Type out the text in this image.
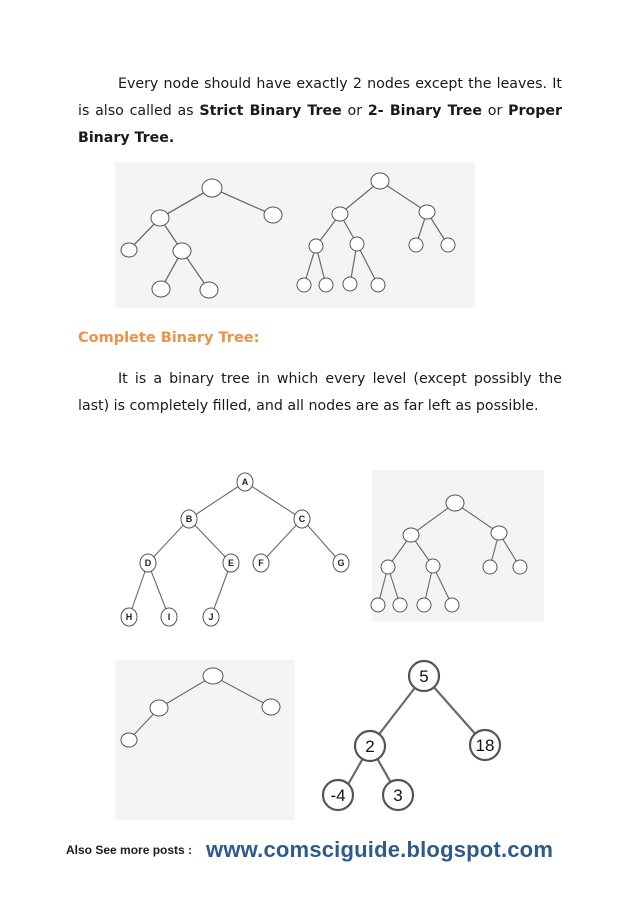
Every node should have exactly 2 nodes except the leaves. It is also called as Strict Binary Tree or 2- Binary Tree or Proper Binary Tree.
Complete Binary Tree:
It is a binary tree in which every level (except possibly the last) is completely filled, and all nodes are as far left as possible.
A
B	C
D	E	F	G
H	I	J
5
2	18
-4	3
Also See more posts : www.comsciguide.blogspot.com
